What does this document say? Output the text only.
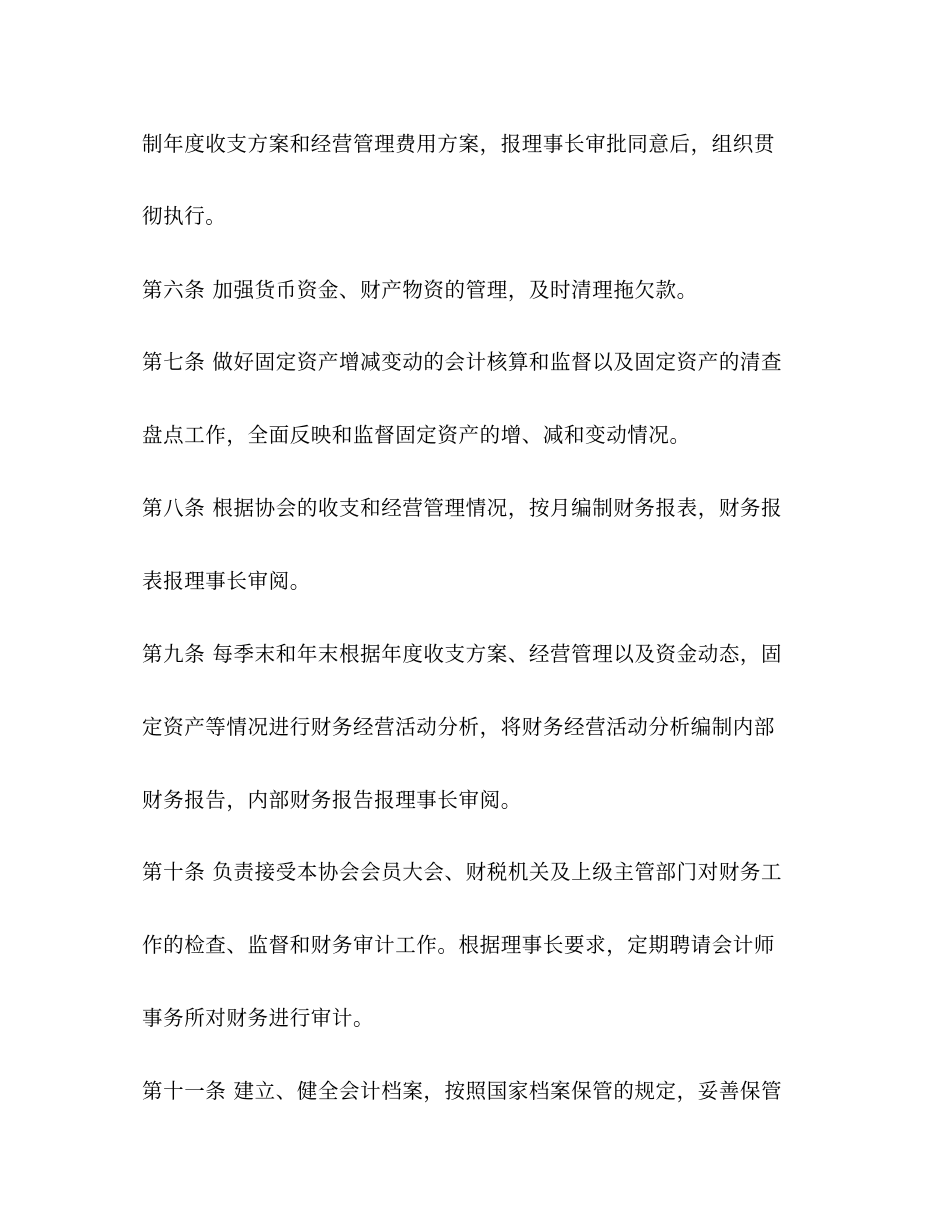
制年度收支方案和经营管理费用方案，报理事长审批同意后，组织贯
彻执行。
第六条 加强货币资金、财产物资的管理，及时清理拖欠款。
第七条 做好固定资产增减变动的会计核算和监督以及固定资产的清查
盘点工作，全面反映和监督固定资产的增、减和变动情况。
第八条 根据协会的收支和经营管理情况，按月编制财务报表，财务报
表报理事长审阅。
第九条 每季末和年末根据年度收支方案、经营管理以及资金动态，固
定资产等情况进行财务经营活动分析，将财务经营活动分析编制内部
财务报告，内部财务报告报理事长审阅。
第十条 负责接受本协会会员大会、财税机关及上级主管部门对财务工
作的检查、监督和财务审计工作。根据理事长要求，定期聘请会计师
事务所对财务进行审计。
第十一条 建立、健全会计档案，按照国家档案保管的规定，妥善保管
